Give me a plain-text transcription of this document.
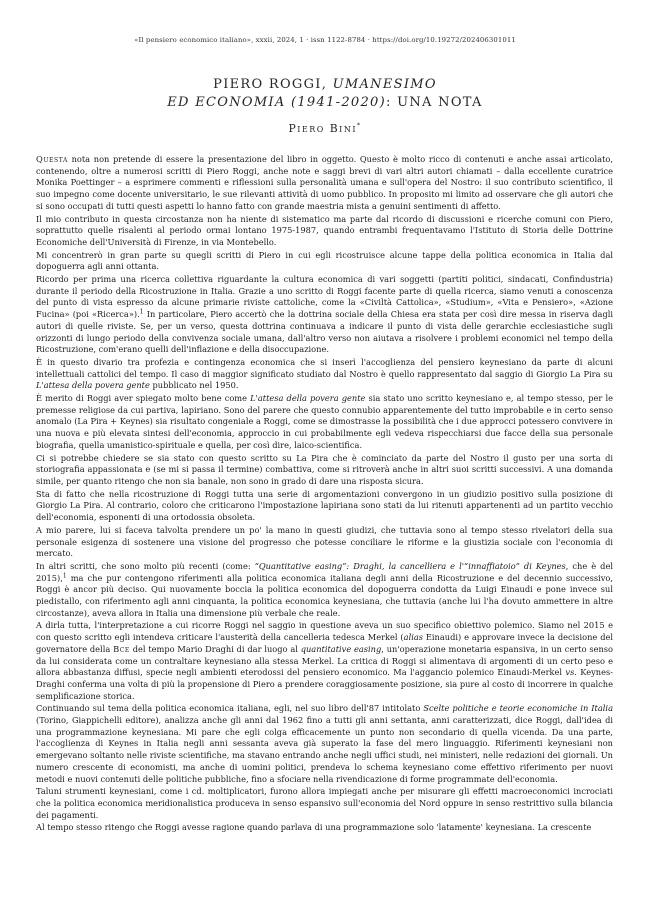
«Il pensiero economico italiano», xxxii, 2024, 1 · issn 1122-8784 · https://doi.org/10.19272/202406301011
PIERO ROGGI, UMANESIMO
ED ECONOMIA (1941-2020): UNA NOTA
Piero Bini*

Questa nota non pretende di essere la presentazione del libro in oggetto. Questo è molto ricco di contenuti e anche assai articolato, contenendo, oltre a numerosi scritti di Piero Roggi, anche note e saggi brevi di vari altri autori chiamati – dalla eccellente curatrice Monika Poettinger – a esprimere commenti e riflessioni sulla personalità umana e sull'opera del Nostro: il suo contributo scientifico, il suo impegno come docente universitario, le sue rilevanti attività di uomo pubblico. In proposito mi limito ad osservare che gli autori che si sono occupati di tutti questi aspetti lo hanno fatto con grande maestria mista a genuini sentimenti di affetto.

Il mio contributo in questa circostanza non ha niente di sistematico ma parte dal ricordo di discussioni e ricerche comuni con Piero, soprattutto quelle risalenti al periodo ormai lontano 1975-1987, quando entrambi frequentavamo l'Istituto di Storia delle Dottrine Economiche dell'Università di Firenze, in via Montebello.

Mi concentrerò in gran parte su quegli scritti di Piero in cui egli ricostruisce alcune tappe della politica economica in Italia dal dopoguerra agli anni ottanta.

Ricordo per prima una ricerca collettiva riguardante la cultura economica di vari soggetti (partiti politici, sindacati, Confindustria) durante il periodo della Ricostruzione in Italia. Grazie a uno scritto di Roggi facente parte di quella ricerca, siamo venuti a conoscenza del punto di vista espresso da alcune primarie riviste cattoliche, come la «Civiltà Cattolica», «Studium», «Vita e Pensiero», «Azione Fucina» (poi «Ricerca»).$^1$ In particolare, Piero accertò che la dottrina sociale della Chiesa era stata per così dire messa in riserva dagli autori di quelle riviste. Se, per un verso, questa dottrina continuava a indicare il punto di vista delle gerarchie ecclesiastiche sugli orizzonti di lungo periodo della convivenza sociale umana, dall'altro verso non aiutava a risolvere i problemi economici nel tempo della Ricostruzione, com'erano quelli dell'inflazione e della disoccupazione.

È in questo divario tra profezia e contingenza economica che si inserì l'accoglienza del pensiero keynesiano da parte di alcuni intellettuali cattolici del tempo. Il caso di maggior significato studiato dal Nostro è quello rappresentato dal saggio di Giorgio La Pira su L'attesa della povera gente pubblicato nel 1950.

È merito di Roggi aver spiegato molto bene come L'attesa della povera gente sia stato uno scritto keynesiano e, al tempo stesso, per le premesse religiose da cui partiva, lapiriano. Sono del parere che questo connubio apparentemente del tutto improbabile e in certo senso anomalo (La Pira + Keynes) sia risultato congeniale a Roggi, come se dimostrasse la possibilità che i due approcci potessero convivere in una nuova e più elevata sintesi dell'economia, approccio in cui probabilmente egli vedeva rispecchiarsi due facce della sua personale biografia, quella umanistico-spirituale e quella, per così dire, laico-scientifica.

Ci si potrebbe chiedere se sia stato con questo scritto su La Pira che è cominciato da parte del Nostro il gusto per una sorta di storiografia appassionata e (se mi si passa il termine) combattiva, come si ritroverà anche in altri suoi scritti successivi. A una domanda simile, per quanto ritengo che non sia banale, non sono in grado di dare una risposta sicura.

Sta di fatto che nella ricostruzione di Roggi tutta una serie di argomentazioni convergono in un giudizio positivo sulla posizione di Giorgio La Pira. Al contrario, coloro che criticarono l'impostazione lapiriana sono stati da lui ritenuti appartenenti ad un partito vecchio dell'economia, esponenti di una ortodossia obsoleta.

A mio parere, lui si faceva talvolta prendere un po' la mano in questi giudizi, che tuttavia sono al tempo stesso rivelatori della sua personale esigenza di sostenere una visione del progresso che potesse conciliare le riforme e la giustizia sociale con l'economia di mercato.

In altri scritti, che sono molto più recenti (come: “Quantitative easing”: Draghi, la cancelliera e l'“innaffiatoio” di Keynes, che è del 2015),$^1$ ma che pur contengono riferimenti alla politica economica italiana degli anni della Ricostruzione e del decennio successivo, Roggi è ancor più deciso. Qui nuovamente boccia la politica economica del dopoguerra condotta da Luigi Einaudi e pone invece sul piedistallo, con riferimento agli anni cinquanta, la politica economica keynesiana, che tuttavia (anche lui l'ha dovuto ammettere in altre circostanze), aveva allora in Italia una dimensione più verbale che reale.

A dirla tutta, l'interpretazione a cui ricorre Roggi nel saggio in questione aveva un suo specifico obiettivo polemico. Siamo nel 2015 e con questo scritto egli intendeva criticare l'austerità della cancelleria tedesca Merkel (alias Einaudi) e approvare invece la decisione del governatore della Bce del tempo Mario Draghi di dar luogo al quantitative easing, un'operazione monetaria espansiva, in un certo senso da lui considerata come un contraltare keynesiano alla stessa Merkel. La critica di Roggi si alimentava di argomenti di un certo peso e allora abbastanza diffusi, specie negli ambienti eterodossi del pensiero economico. Ma l'aggancio polemico Einaudi-Merkel vs. Keynes-Draghi conferma una volta di più la propensione di Piero a prendere coraggiosamente posizione, sia pure al costo di incorrere in qualche semplificazione storica.

Continuando sul tema della politica economica italiana, egli, nel suo libro dell'87 intitolato Scelte politiche e teorie economiche in Italia (Torino, Giappichelli editore), analizza anche gli anni dal 1962 fino a tutti gli anni settanta, anni caratterizzati, dice Roggi, dall'idea di una programmazione keynesiana. Mi pare che egli colga efficacemente un punto non secondario di quella vicenda. Da una parte, l'accoglienza di Keynes in Italia negli anni sessanta aveva già superato la fase del mero linguaggio. Riferimenti keynesiani non emergevano soltanto nelle riviste scientifiche, ma stavano entrando anche negli uffici studi, nei ministeri, nelle redazioni dei giornali. Un numero crescente di economisti, ma anche di uomini politici, prendeva lo schema keynesiano come effettivo riferimento per nuovi metodi e nuovi contenuti delle politiche pubbliche, fino a sfociare nella rivendicazione di forme programmate dell'economia.

Taluni strumenti keynesiani, come i cd. moltiplicatori, furono allora impiegati anche per misurare gli effetti macroeconomici incrociati che la politica economica meridionalistica produceva in senso espansivo sull'economia del Nord oppure in senso restrittivo sulla bilancia dei pagamenti.

Al tempo stesso ritengo che Roggi avesse ragione quando parlava di una programmazione solo 'latamente' keynesiana. La crescente
